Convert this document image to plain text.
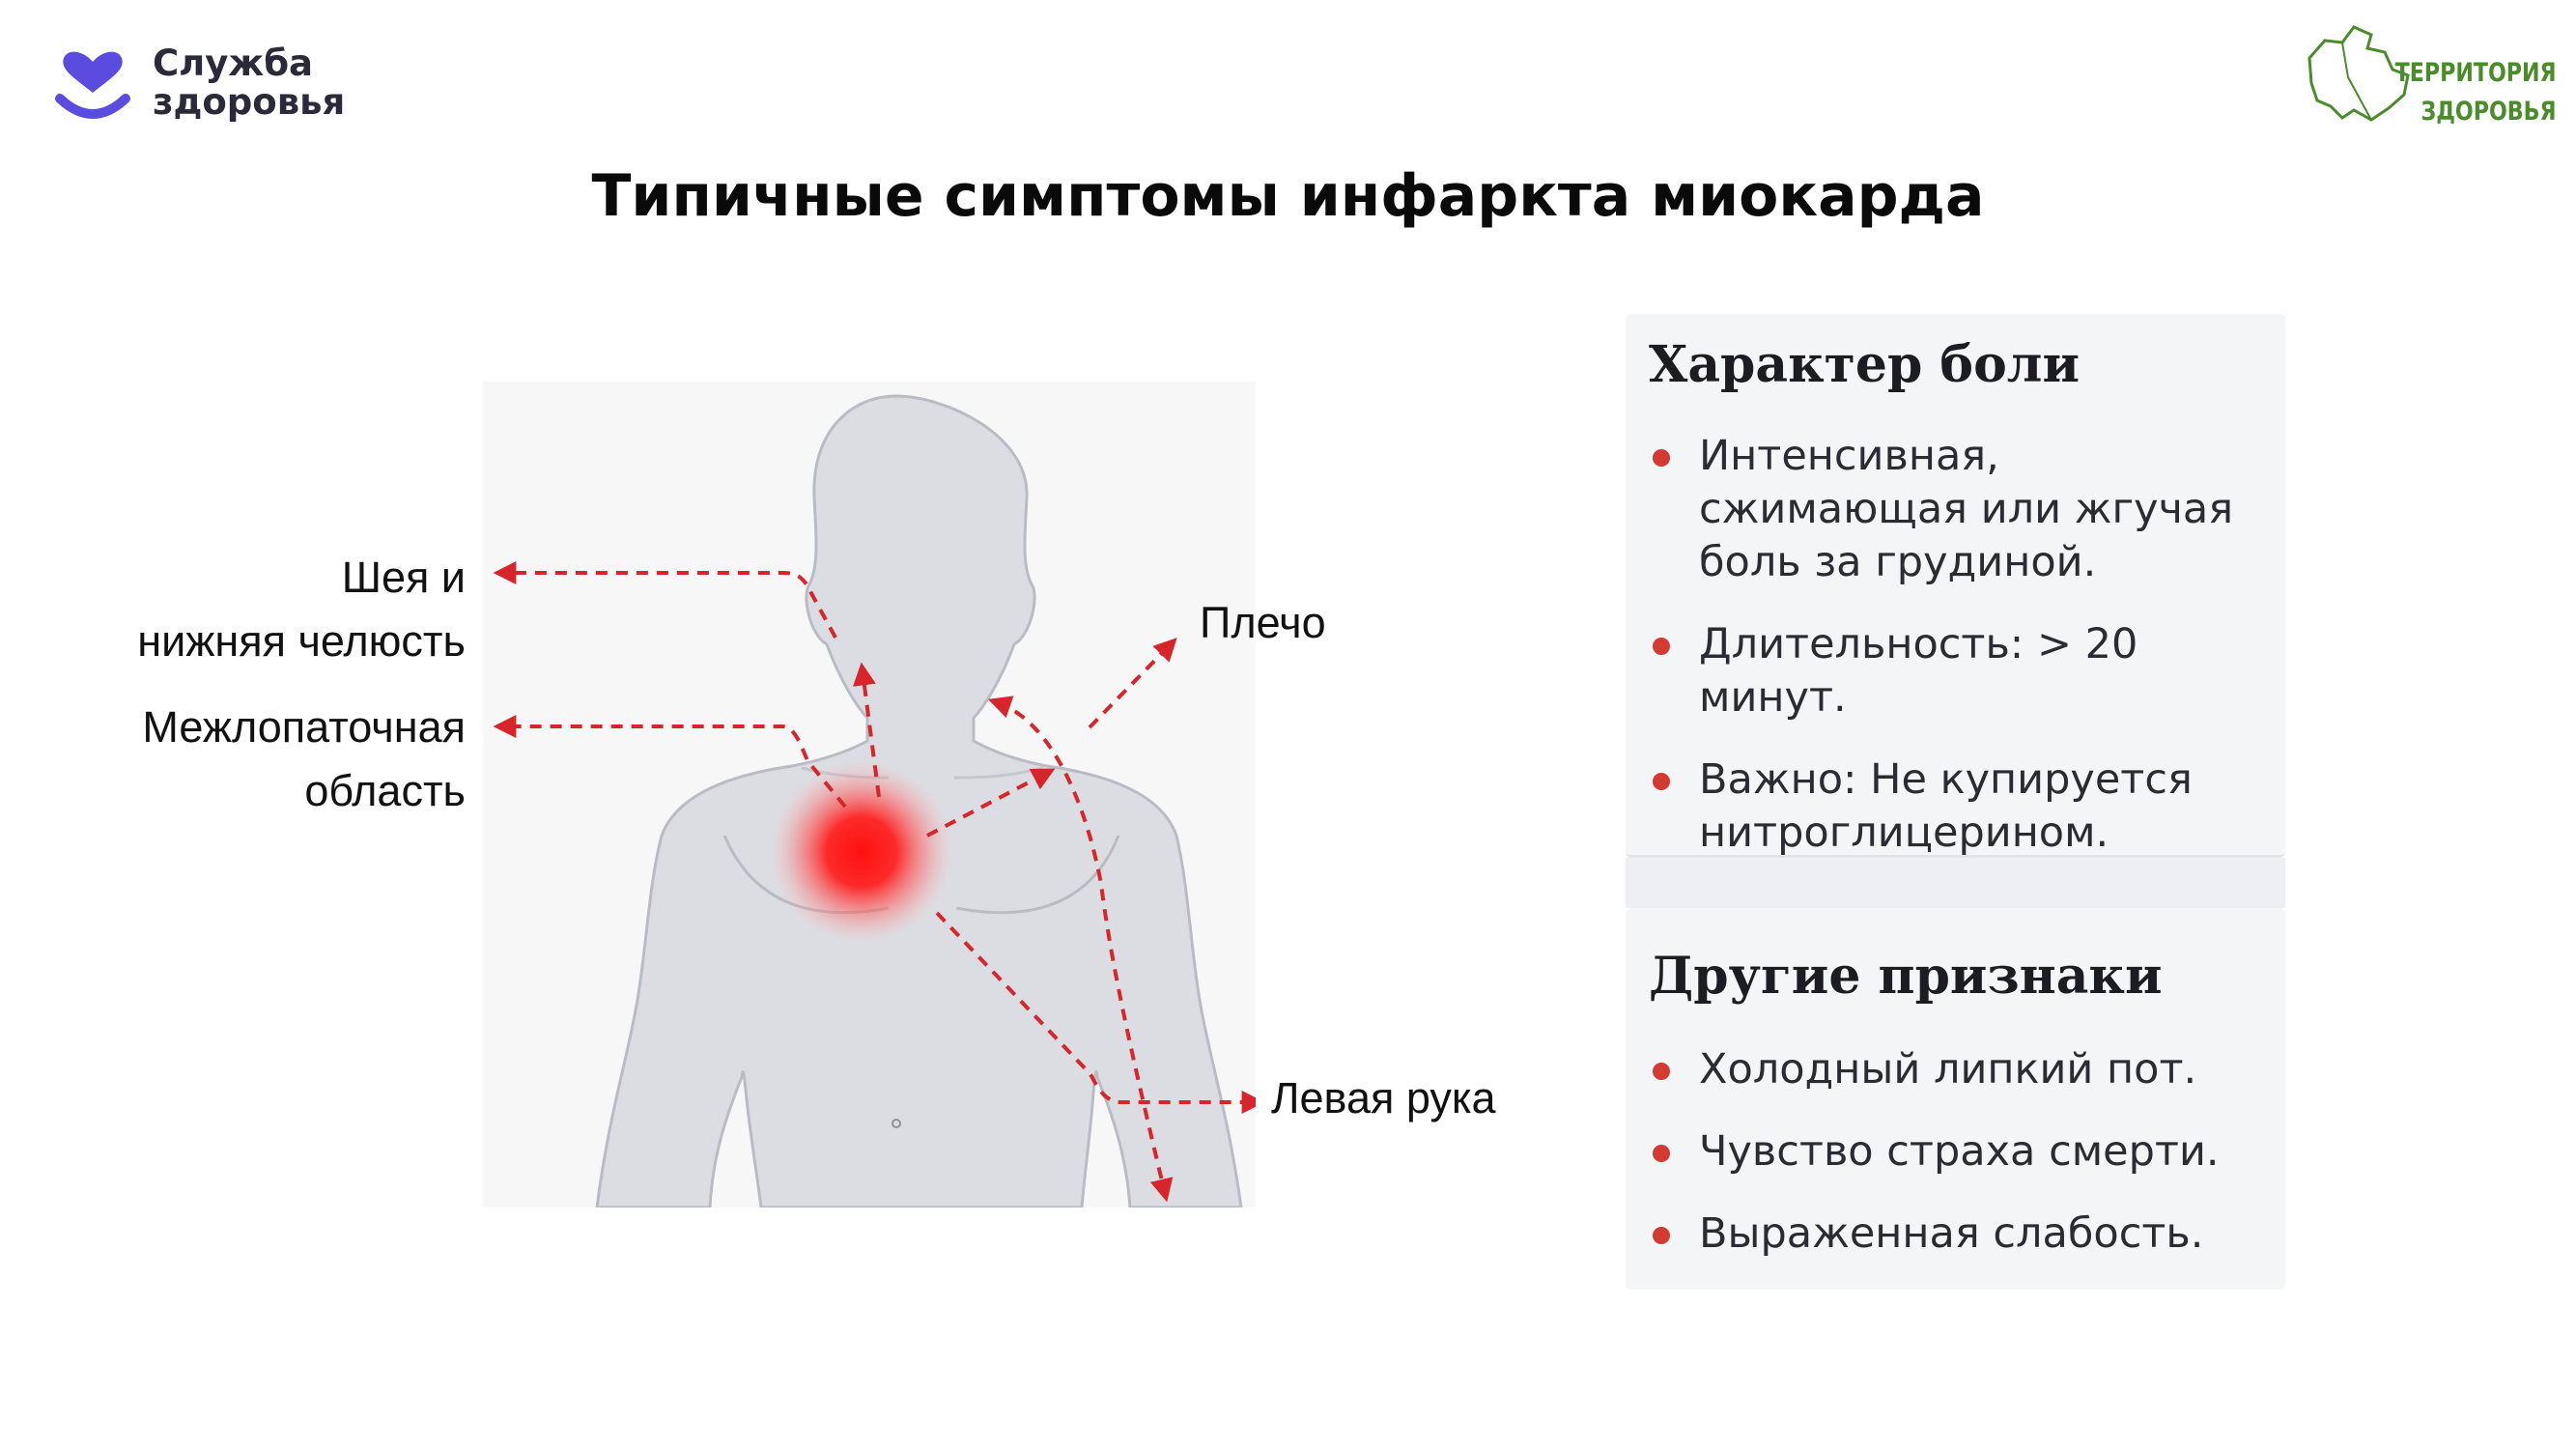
Служба
здоровья
ТЕРРИТОРИЯ
ЗДОРОВЬЯ
Типичные симптомы инфаркта миокарда
Шея и
нижняя челюсть
Межлопаточная
область
Плечо
Левая рука
Характер боли
Интенсивная, сжимающая или жгучая боль за грудиной.
Длительность: > 20 минут.
Важно: Не купируется нитроглицерином.
Другие признаки
Холодный липкий пот.
Чувство страха смерти.
Выраженная слабость.
